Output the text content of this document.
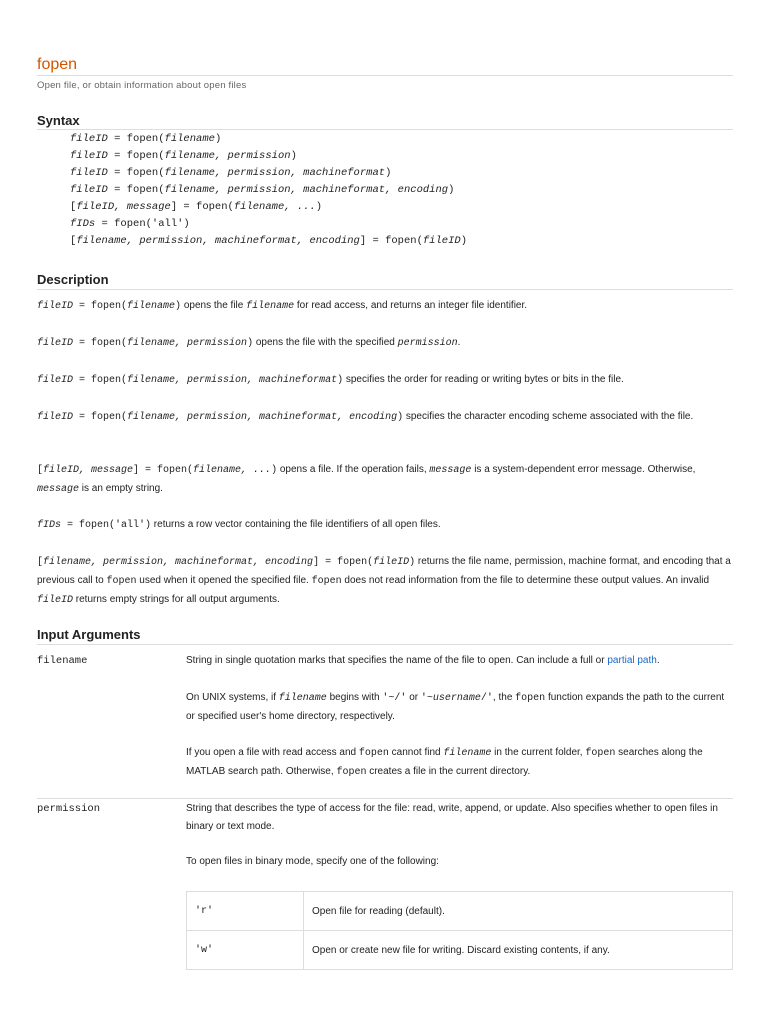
fopen
Open file, or obtain information about open files
Syntax
fileID = fopen(filename)
fileID = fopen(filename, permission)
fileID = fopen(filename, permission, machineformat)
fileID = fopen(filename, permission, machineformat, encoding)
[fileID, message] = fopen(filename, ...)
fIDs = fopen('all')
[filename, permission, machineformat, encoding] = fopen(fileID)
Description
fileID = fopen(filename) opens the file filename for read access, and returns an integer file identifier.
fileID = fopen(filename, permission) opens the file with the specified permission.
fileID = fopen(filename, permission, machineformat) specifies the order for reading or writing bytes or bits in the file.
fileID = fopen(filename, permission, machineformat, encoding) specifies the character encoding scheme associated with the file.
[fileID, message] = fopen(filename, ...) opens a file. If the operation fails, message is a system-dependent error message. Otherwise, message is an empty string.
fIDs = fopen('all') returns a row vector containing the file identifiers of all open files.
[filename, permission, machineformat, encoding] = fopen(fileID) returns the file name, permission, machine format, and encoding that a previous call to fopen used when it opened the specified file. fopen does not read information from the file to determine these output values. An invalid fileID returns empty strings for all output arguments.
Input Arguments
filename	String in single quotation marks that specifies the name of the file to open. Can include a full or partial path.
On UNIX systems, if filename begins with '~/' or '~username/', the fopen function expands the path to the current or specified user's home directory, respectively.
If you open a file with read access and fopen cannot find filename in the current folder, fopen searches along the MATLAB search path. Otherwise, fopen creates a file in the current directory.
permission	String that describes the type of access for the file: read, write, append, or update. Also specifies whether to open files in binary or text mode.
To open files in binary mode, specify one of the following:
'r'	Open file for reading (default).
'w'	Open or create new file for writing. Discard existing contents, if any.
